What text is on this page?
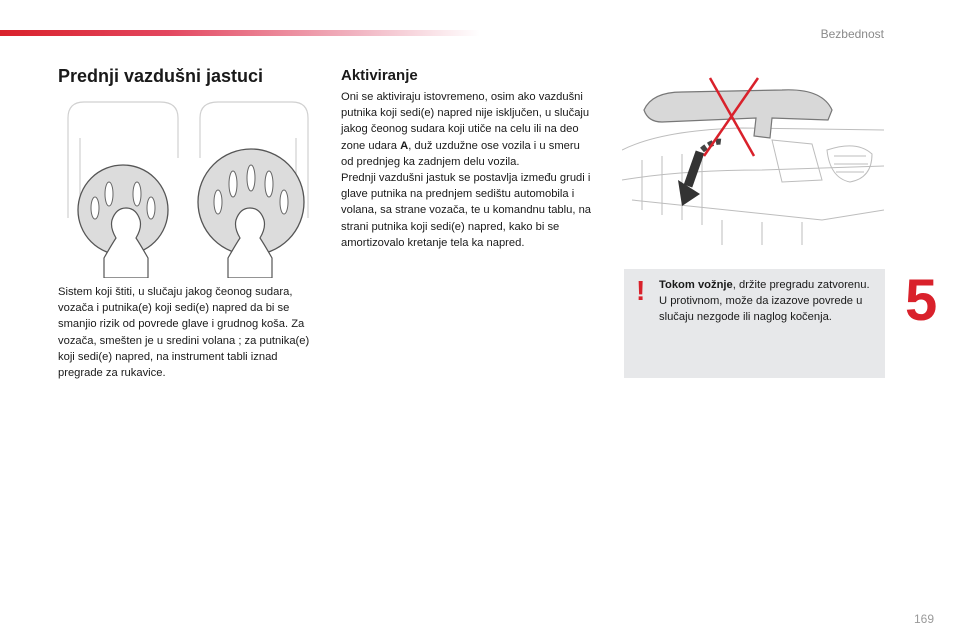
Bezbednost
5
Prednji vazdušni jastuci	Aktiviranje

Sistem koji štiti, u slučaju jakog čeonog sudara, vozača i putnika(e) koji sedi(e) napred da bi se smanjio rizik od povrede glave i grudnog koša. Za vozača, smešten je u sredini volana ; za putnika(e) koji sedi(e) napred, na instrument tabli iznad pregrade za rukavice.

Oni se aktiviraju istovremeno, osim ako vazdušni putnika koji sedi(e) napred nije isključen, u slučaju jakog čeonog sudara koji utiče na celu ili na deo zone udara A, duž uzdužne ose vozila i u smeru od prednjeg ka zadnjem delu vozila.

Prednji vazdušni jastuk se postavlja između grudi i glave putnika na prednjem sedištu automobila i volana, sa strane vozača, te u komandnu tablu, na strani putnika koji sedi(e) napred, kako bi se amortizovalo kretanje tela ka napred.

! Tokom vožnje, držite pregradu zatvorenu. U protivnom, može da izazove povrede u slučaju nezgode ili naglog kočenja.

169
